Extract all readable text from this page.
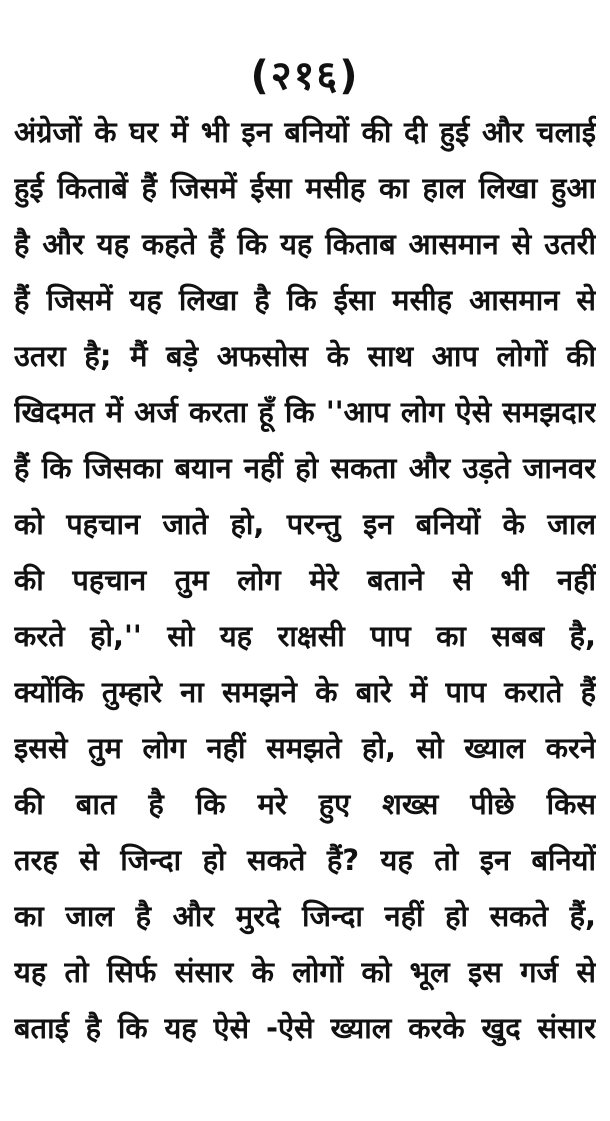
(२१६)
अंग्रेजों के घर में भी इन बनियों की दी हुई और चलाई
हुई किताबें हैं जिसमें ईसा मसीह का हाल लिखा हुआ
है और यह कहते हैं कि यह किताब आसमान से उतरी
हैं जिसमें यह लिखा है कि ईसा मसीह आसमान से
उतरा है; मैं बड़े अफसोस के साथ आप लोगों की
खिदमत में अर्ज करता हूँ कि ''आप लोग ऐसे समझदार
हैं कि जिसका बयान नहीं हो सकता और उड़ते जानवर
को पहचान जाते हो, परन्तु इन बनियों के जाल
की पहचान तुम लोग मेरे बताने से भी नहीं
करते हो,'' सो यह राक्षसी पाप का सबब है,
क्योंकि तुम्हारे ना समझने के बारे में पाप कराते हैं
इससे तुम लोग नहीं समझते हो, सो ख्याल करने
की बात है कि मरे हुए शख्स पीछे किस
तरह से जिन्दा हो सकते हैं? यह तो इन बनियों
का जाल है और मुरदे जिन्दा नहीं हो सकते हैं,
यह तो सिर्फ संसार के लोगों को भूल इस गर्ज से
बताई है कि यह ऐसे -ऐसे ख्याल करके खुद संसार
